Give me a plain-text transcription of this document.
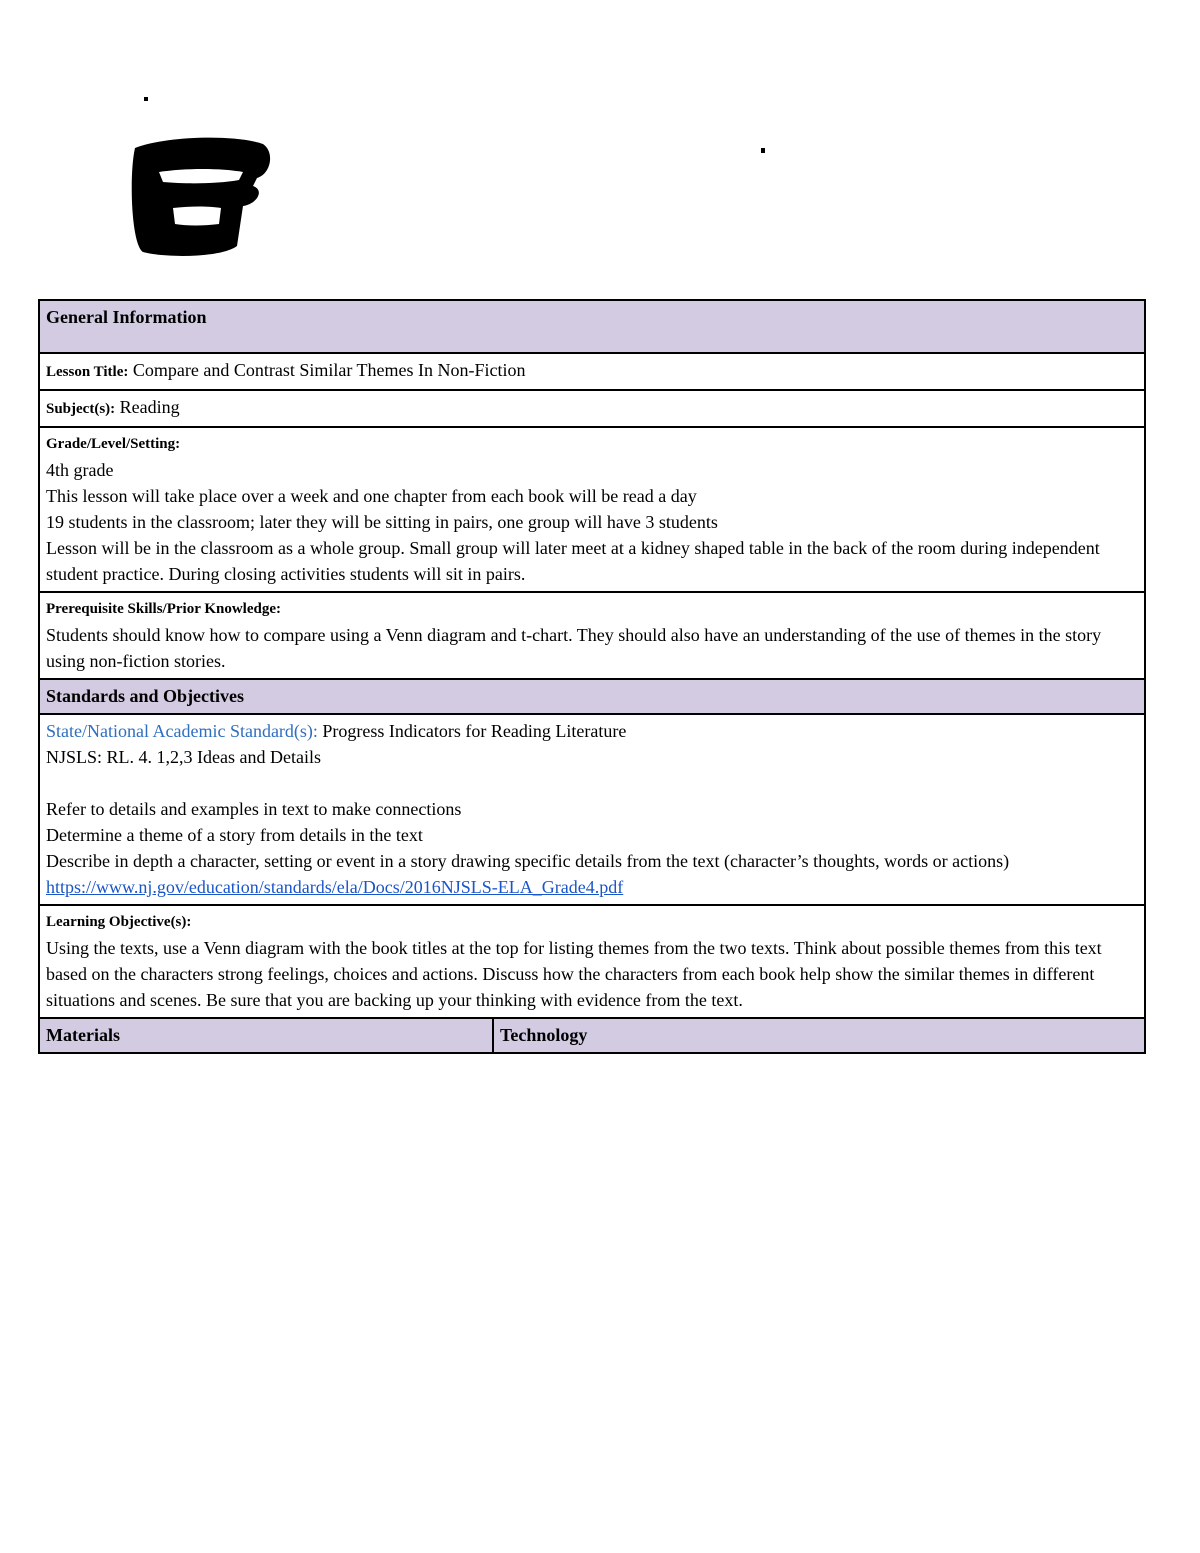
General Information
Lesson Title: Compare and Contrast Similar Themes In Non-Fiction
Subject(s): Reading

Grade/Level/Setting:
4th grade
This lesson will take place over a week and one chapter from each book will be read a day
19 students in the classroom; later they will be sitting in pairs, one group will have 3 students
Lesson will be in the classroom as a whole group. Small group will later meet at a kidney shaped table in the back of the room during independent student practice. During closing activities students will sit in pairs.

Prerequisite Skills/Prior Knowledge:
Students should know how to compare using a Venn diagram and t-chart. They should also have an understanding of the use of themes in the story using non-fiction stories.

Standards and Objectives

State/National Academic Standard(s): Progress Indicators for Reading Literature
NJSLS: RL. 4. 1,2,3 Ideas and Details

Refer to details and examples in text to make connections
Determine a theme of a story from details in the text
Describe in depth a character, setting or event in a story drawing specific details from the text (character’s thoughts, words or actions)
https://www.nj.gov/education/standards/ela/Docs/2016NJSLS-ELA_Grade4.pdf

Learning Objective(s):
Using the texts, use a Venn diagram with the book titles at the top for listing themes from the two texts. Think about possible themes from this text based on the characters strong feelings, choices and actions. Discuss how the characters from each book help show the similar themes in different situations and scenes. Be sure that you are backing up your thinking with evidence from the text.

Materials	Technology
